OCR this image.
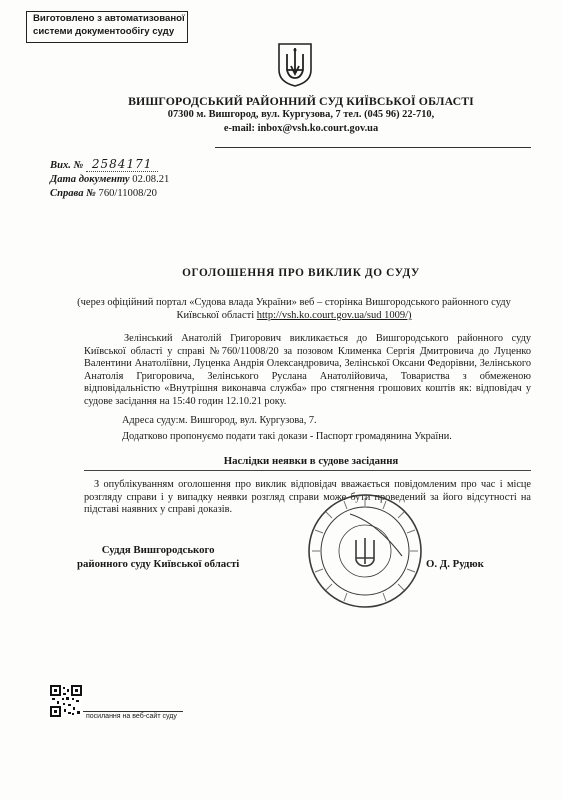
Виготовлено з автоматизованої
системи документообігу суду
ВИШГОРОДСЬКИЙ РАЙОННИЙ СУД КИЇВСЬКОЇ ОБЛАСТІ
07300 м. Вишгород, вул. Кургузова, 7 тел. (045 96) 22-710,
e-mail: inbox@vsh.ko.court.gov.ua
Вих. № 2584171
Дата документу 02.08.21
Справа № 760/11008/20
ОГОЛОШЕННЯ ПРО ВИКЛИК ДО СУДУ
(через офіційний портал «Судова влада України» веб – сторінка Вишгородського районного суду Київської області http://vsh.ko.court.gov.ua/sud 1009/)
Зелінський Анатолій Григорович викликається до Вишгородського районного суду Київської області у справі №760/11008/20 за позовом Клименка Сергія Дмитровича до Луценко Валентини Анатоліївни, Луценка Андрія Олександровича, Зелінської Оксани Федорівни, Зелінського Анатолія Григоровича, Зелінського Руслана Анатолійовича, Товариства з обмеженою відповідальністю «Внутрішня виконавча служба» про стягнення грошових коштів як: відповідач у судове засідання на 15:40 годин 12.10.21 року.
Адреса суду:м. Вишгород, вул. Кургузова, 7.
Додатково пропонуємо подати такі докази - Паспорт громадянина України.
Наслідки неявки в судове засідання
З опублікуванням оголошення про виклик відповідач вважається повідомленим про час і місце розгляду справи і у випадку неявки розгляд справи може бути проведений за його відсутності на підставі наявних у справі доказів.
Суддя Вишгородського
районного суду Київської області	О. Д. Рудюк
посилання на веб-сайт суду
